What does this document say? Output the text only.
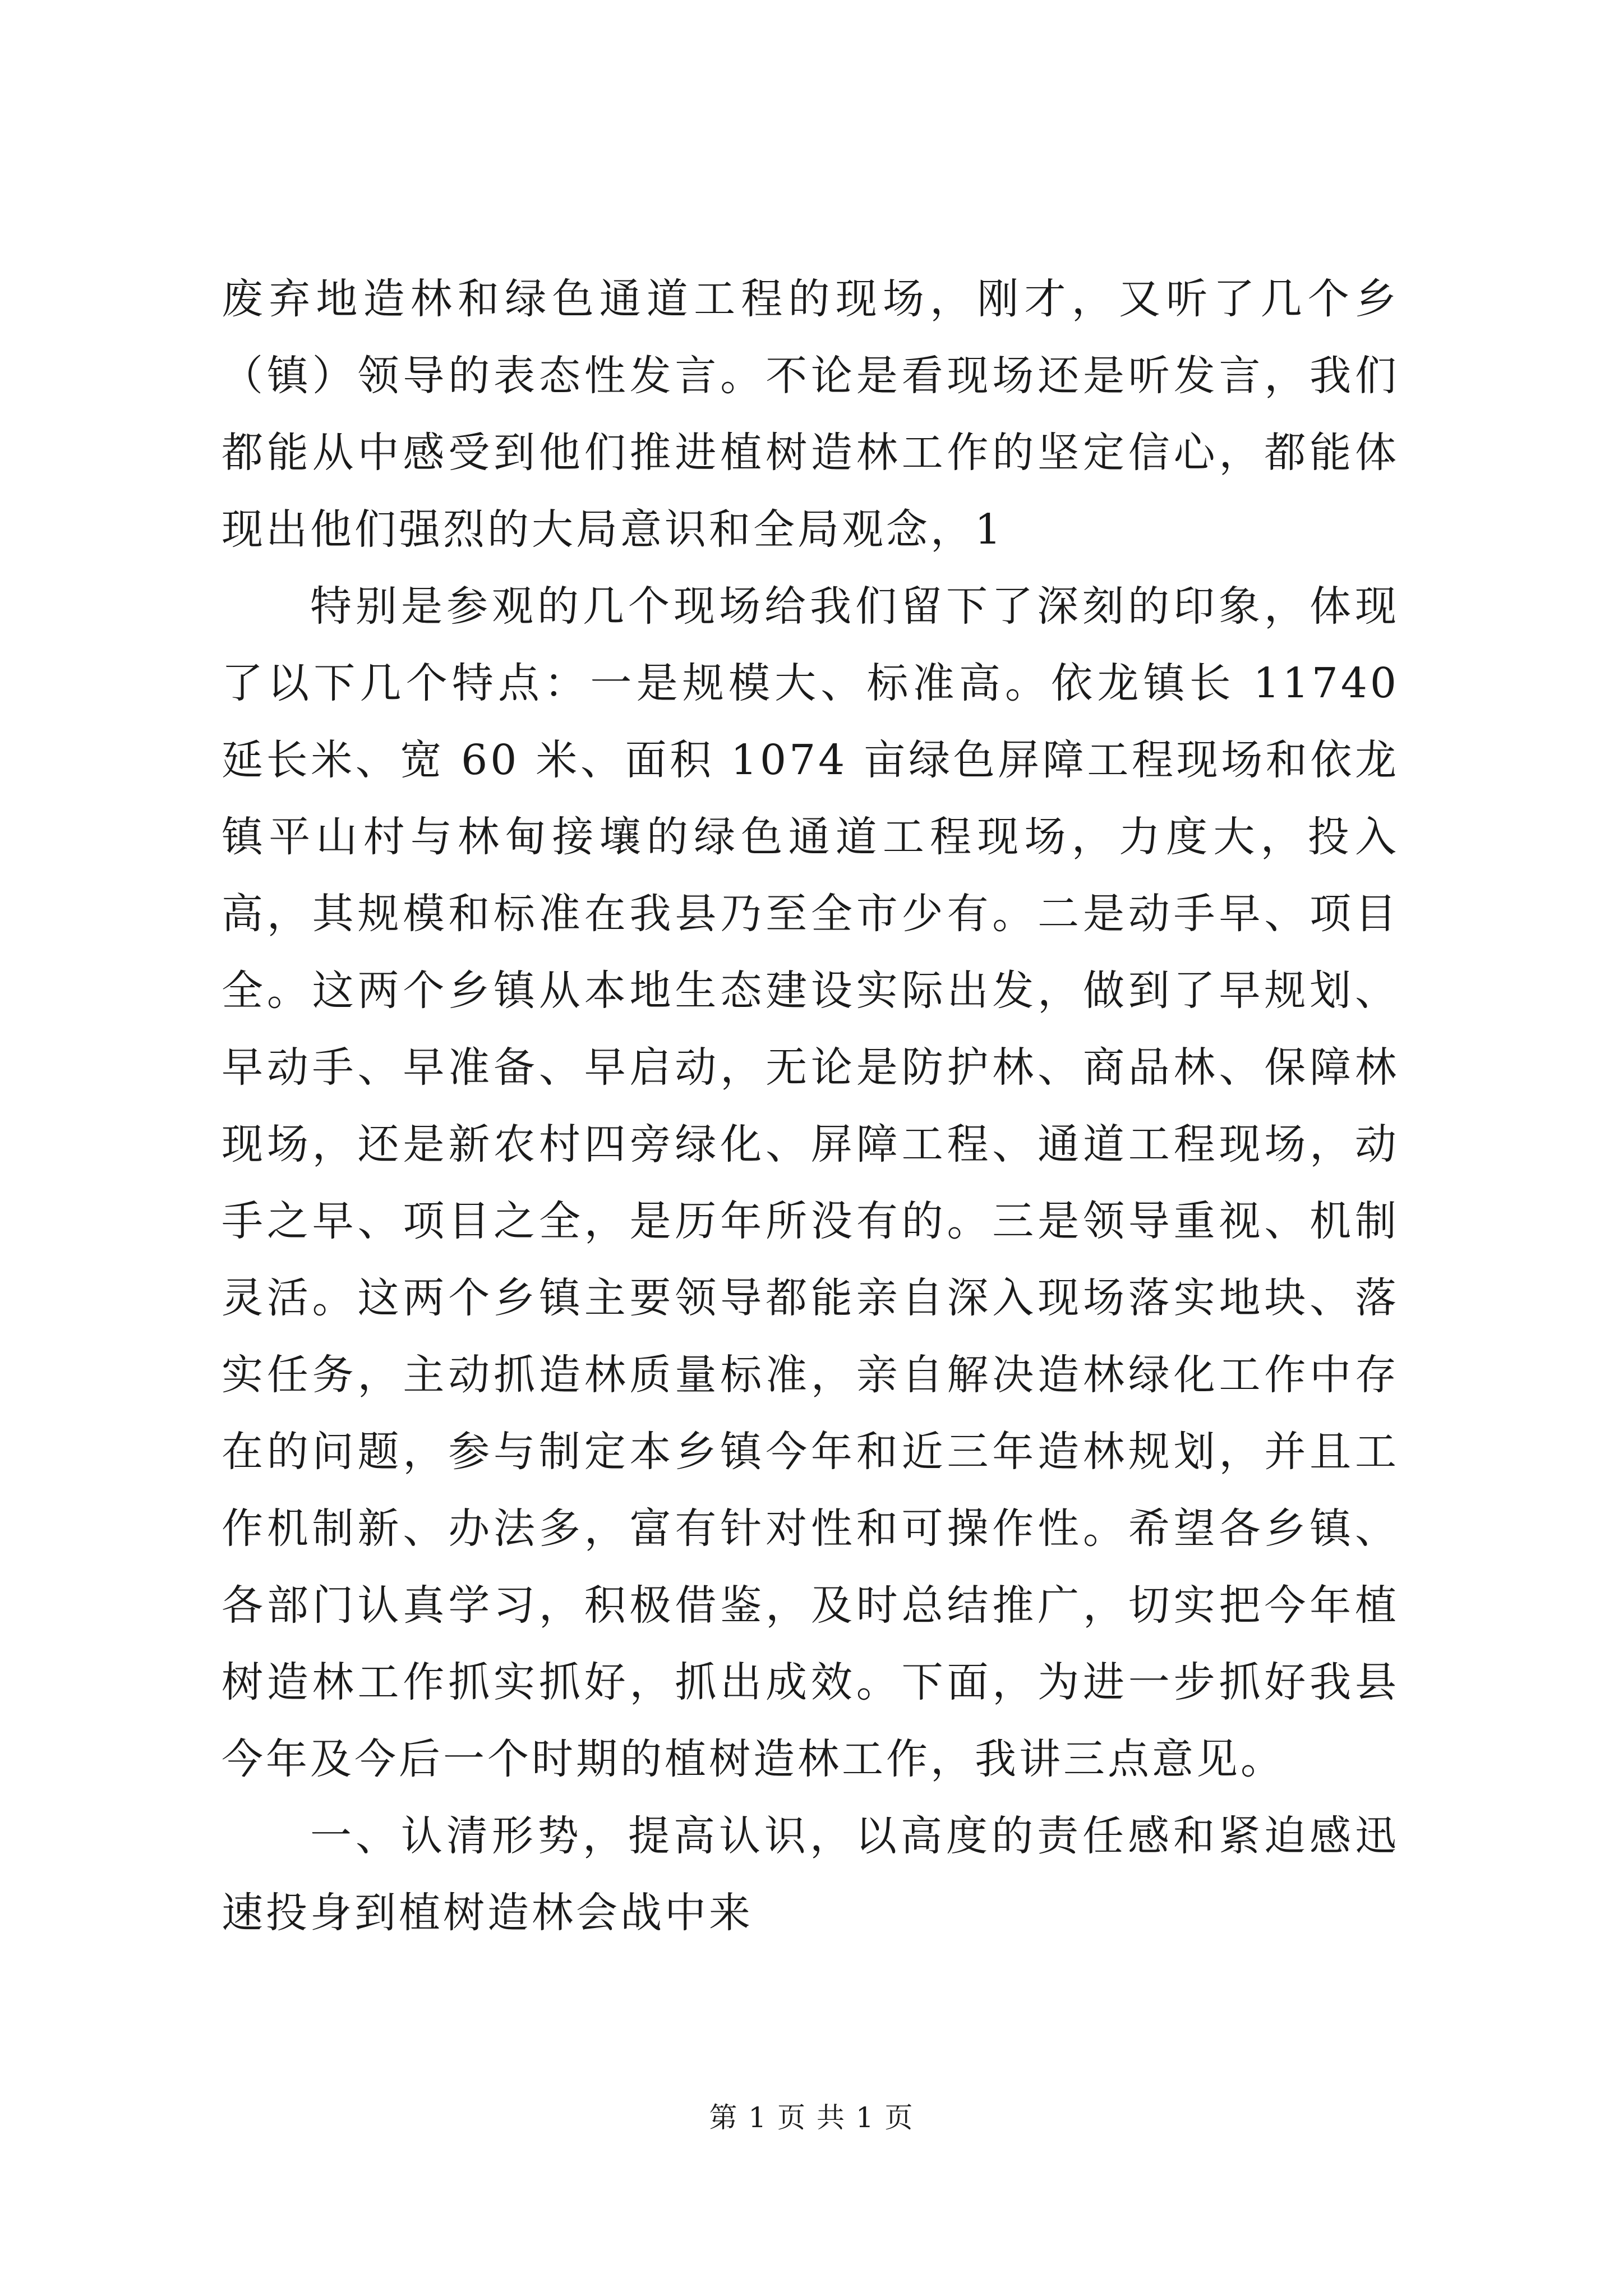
废弃地造林和绿色通道工程的现场，刚才，又听了几个乡（镇）领导的表态性发言。不论是看现场还是听发言，我们都能从中感受到他们推进植树造林工作的坚定信心，都能体现出他们强烈的大局意识和全局观念，1

特别是参观的几个现场给我们留下了深刻的印象，体现了以下几个特点：一是规模大、标准高。依龙镇长 11740 延长米、宽 60 米、面积 1074 亩绿色屏障工程现场和依龙镇平山村与林甸接壤的绿色通道工程现场，力度大，投入高，其规模和标准在我县乃至全市少有。二是动手早、项目全。这两个乡镇从本地生态建设实际出发，做到了早规划、早动手、早准备、早启动，无论是防护林、商品林、保障林现场，还是新农村四旁绿化、屏障工程、通道工程现场，动手之早、项目之全，是历年所没有的。三是领导重视、机制灵活。这两个乡镇主要领导都能亲自深入现场落实地块、落实任务，主动抓造林质量标准，亲自解决造林绿化工作中存在的问题，参与制定本乡镇今年和近三年造林规划，并且工作机制新、办法多，富有针对性和可操作性。希望各乡镇、各部门认真学习，积极借鉴，及时总结推广，切实把今年植树造林工作抓实抓好，抓出成效。下面，为进一步抓好我县今年及今后一个时期的植树造林工作，我讲三点意见。

一、认清形势，提高认识，以高度的责任感和紧迫感迅速投身到植树造林会战中来

第 1 页 共 1 页
